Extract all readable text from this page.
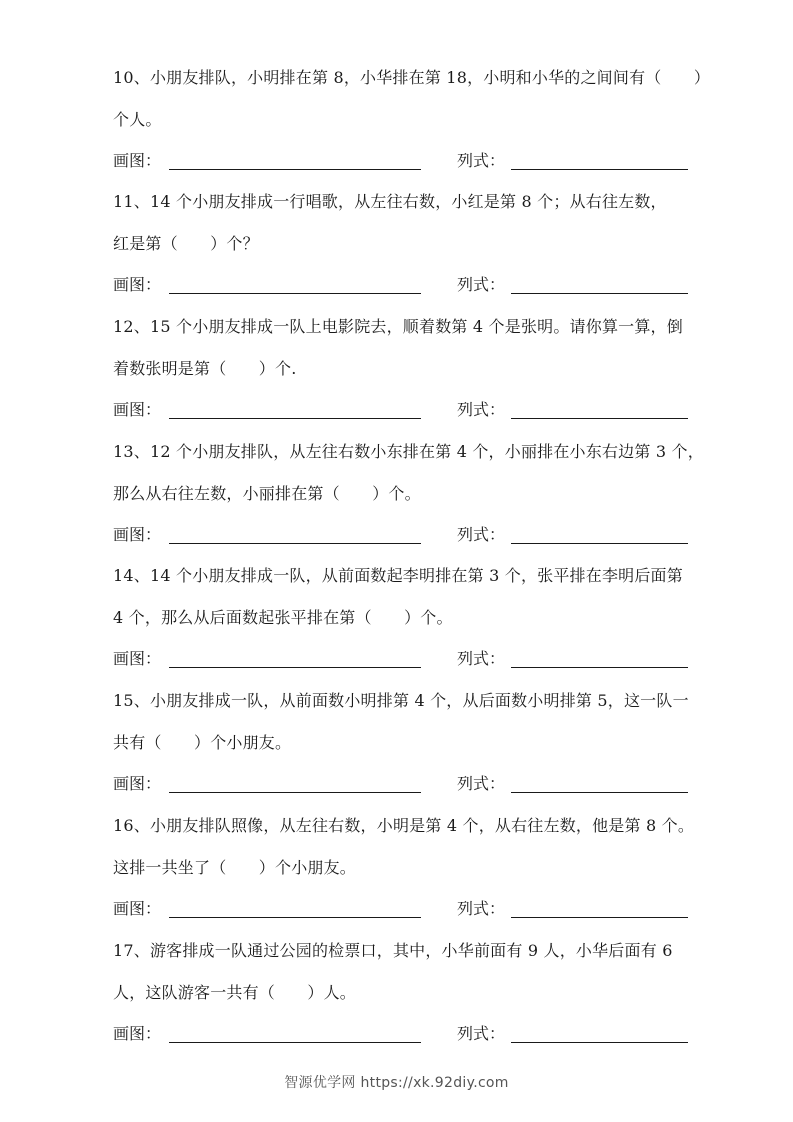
10、小朋友排队，小明排在第 8，小华排在第 18，小明和小华的之间间有（　　）

个人。

画图：	列式：

11、14 个小朋友排成一行唱歌，从左往右数，小红是第 8 个；从右往左数，

红是第（　　）个？

画图：	列式：

12、15 个小朋友排成一队上电影院去，顺着数第 4 个是张明。请你算一算，倒

着数张明是第（　　）个.

画图：	列式：

13、12 个小朋友排队，从左往右数小东排在第 4 个，小丽排在小东右边第 3 个，

那么从右往左数，小丽排在第（　　）个。

画图：	列式：

14、14 个小朋友排成一队，从前面数起李明排在第 3 个，张平排在李明后面第

4 个，那么从后面数起张平排在第（　　）个。

画图：	列式：

15、小朋友排成一队，从前面数小明排第 4 个，从后面数小明排第 5，这一队一

共有（　　）个小朋友。

画图：	列式：

16、小朋友排队照像，从左往右数，小明是第 4 个，从右往左数，他是第 8 个。

这排一共坐了（　　）个小朋友。

画图：	列式：

17、游客排成一队通过公园的检票口，其中，小华前面有 9 人，小华后面有 6

人，这队游客一共有（　　）人。

画图：	列式：
智源优学网 https://xk.92diy.com
